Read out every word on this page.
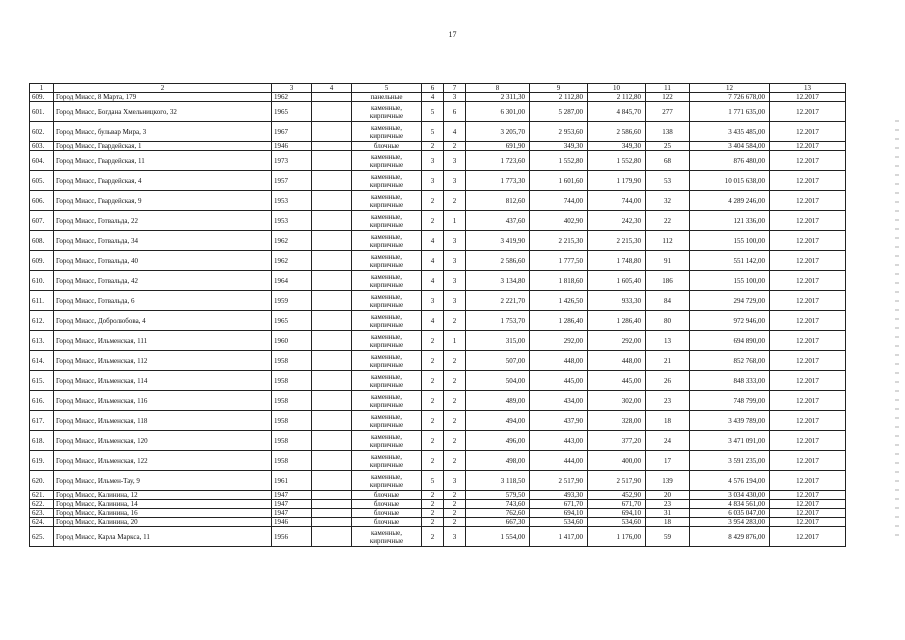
17
1	2	3	4	5	6	7	8	9	10	11	12	13
609.	Город Миасс, 8 Марта, 179	1962		панельные	4	3	2 311,30	2 112,80	2 112,80	122	7 726 678,00	12.2017
601.	Город Миасс, Богдана Хмельницкого, 32	1965		каменные, кирпичные	5	6	6 301,00	5 287,00	4 845,70	277	1 771 635,00	12.2017
602.	Город Миасс, бульвар Мира, 3	1967		каменные, кирпичные	5	4	3 205,70	2 953,60	2 586,60	138	3 435 485,00	12.2017
603.	Город Миасс, Гвардейская, 1	1946		блочные	2	2	691,90	349,30	349,30	25	3 404 584,00	12.2017
604.	Город Миасс, Гвардейская, 11	1973		каменные, кирпичные	3	3	1 723,60	1 552,80	1 552,80	68	876 480,00	12.2017
605.	Город Миасс, Гвардейская, 4	1957		каменные, кирпичные	3	3	1 773,30	1 601,60	1 179,90	53	10 015 638,00	12.2017
606.	Город Миасс, Гвардейская, 9	1953		каменные, кирпичные	2	2	812,60	744,00	744,00	32	4 289 246,00	12.2017
607.	Город Миасс, Готвальда, 22	1953		каменные, кирпичные	2	1	437,60	402,90	242,30	22	121 336,00	12.2017
608.	Город Миасс, Готвальда, 34	1962		каменные, кирпичные	4	3	3 419,90	2 215,30	2 215,30	112	155 100,00	12.2017
609.	Город Миасс, Готвальда, 40	1962		каменные, кирпичные	4	3	2 586,60	1 777,50	1 748,80	91	551 142,00	12.2017
610.	Город Миасс, Готвальда, 42	1964		каменные, кирпичные	4	3	3 134,80	1 818,60	1 605,40	186	155 100,00	12.2017
611.	Город Миасс, Готвальда, 6	1959		каменные, кирпичные	3	3	2 221,70	1 426,50	933,30	84	294 729,00	12.2017
612.	Город Миасс, Добролюбова, 4	1965		каменные, кирпичные	4	2	1 753,70	1 286,40	1 286,40	80	972 946,00	12.2017
613.	Город Миасс, Ильменская, 111	1960		каменные, кирпичные	2	1	315,00	292,00	292,00	13	694 890,00	12.2017
614.	Город Миасс, Ильменская, 112	1958		каменные, кирпичные	2	2	507,00	448,00	448,00	21	852 768,00	12.2017
615.	Город Миасс, Ильменская, 114	1958		каменные, кирпичные	2	2	504,00	445,00	445,00	26	848 333,00	12.2017
616.	Город Миасс, Ильменская, 116	1958		каменные, кирпичные	2	2	489,00	434,00	302,00	23	748 799,00	12.2017
617.	Город Миасс, Ильменская, 118	1958		каменные, кирпичные	2	2	494,00	437,90	328,00	18	3 439 789,00	12.2017
618.	Город Миасс, Ильменская, 120	1958		каменные, кирпичные	2	2	496,00	443,00	377,20	24	3 471 091,00	12.2017
619.	Город Миасс, Ильменская, 122	1958		каменные, кирпичные	2	2	498,00	444,00	400,00	17	3 591 235,00	12.2017
620.	Город Миасс, Ильмен-Тау, 9	1961		каменные, кирпичные	5	3	3 118,50	2 517,90	2 517,90	139	4 576 194,00	12.2017
621.	Город Миасс, Калинина, 12	1947		блочные	2	2	579,50	493,30	452,90	20	3 034 430,00	12.2017
622.	Город Миасс, Калинина, 14	1947		блочные	2	2	743,60	671,70	671,70	23	4 834 561,00	12.2017
623.	Город Миасс, Калинина, 16	1947		блочные	2	2	762,60	694,10	694,10	31	6 035 047,00	12.2017
624.	Город Миасс, Калинина, 20	1946		блочные	2	2	667,30	534,60	534,60	18	3 954 283,00	12.2017
625.	Город Миасс, Карла Маркса, 11	1956		каменные, кирпичные	2	3	1 554,00	1 417,00	1 176,00	59	8 429 876,00	12.2017
